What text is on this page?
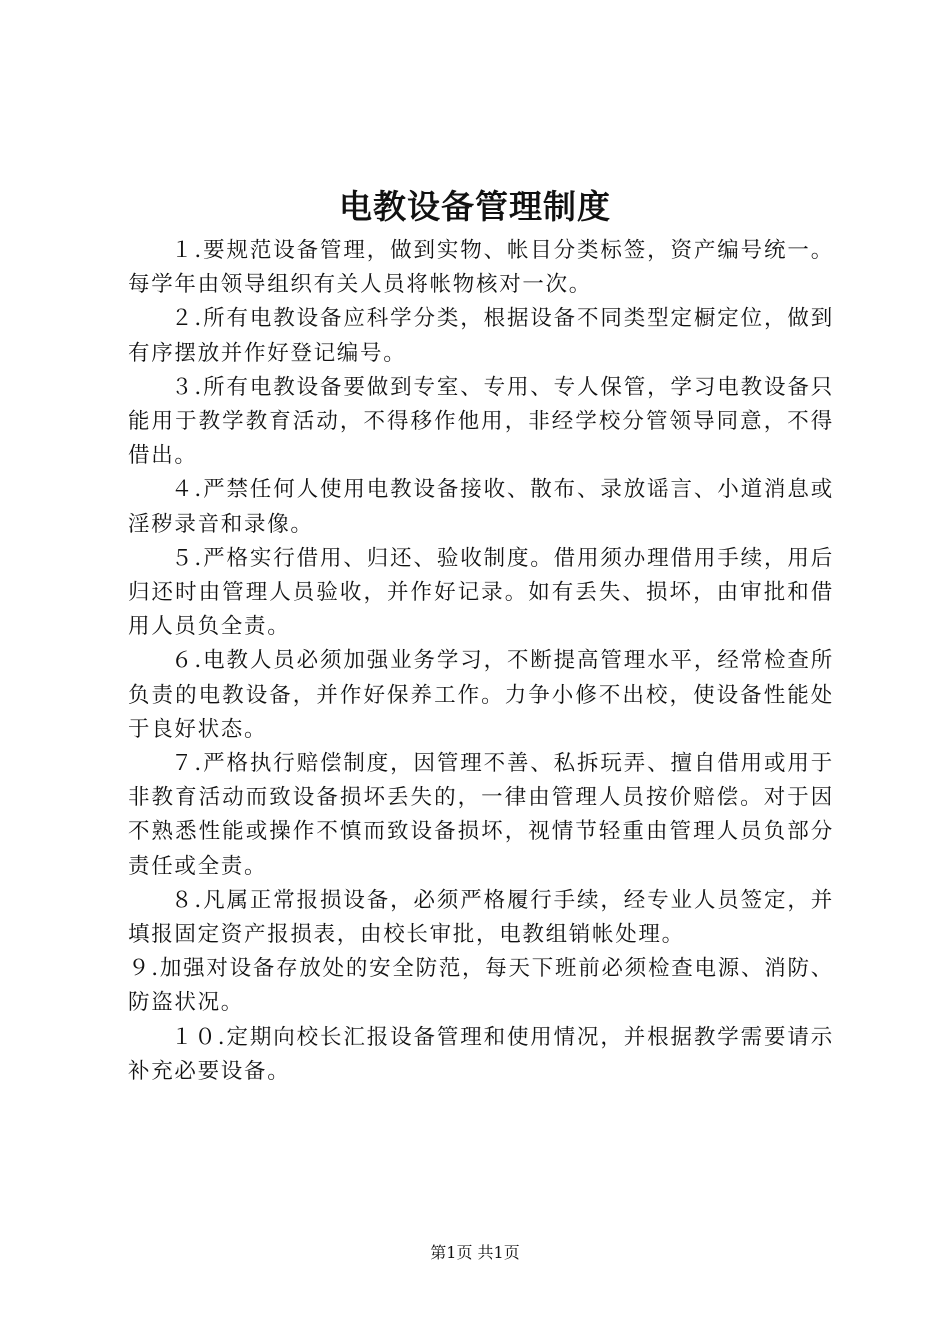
电教设备管理制度

１.要规范设备管理，做到实物、帐目分类标签，资产编号统一。每学年由领导组织有关人员将帐物核对一次。

２.所有电教设备应科学分类，根据设备不同类型定橱定位，做到有序摆放并作好登记编号。

３.所有电教设备要做到专室、专用、专人保管，学习电教设备只能用于教学教育活动，不得移作他用，非经学校分管领导同意，不得借出。

４.严禁任何人使用电教设备接收、散布、录放谣言、小道消息或淫秽录音和录像。

５.严格实行借用、归还、验收制度。借用须办理借用手续，用后归还时由管理人员验收，并作好记录。如有丢失、损坏，由审批和借用人员负全责。

６.电教人员必须加强业务学习，不断提高管理水平，经常检查所负责的电教设备，并作好保养工作。力争小修不出校，使设备性能处于良好状态。

７.严格执行赔偿制度，因管理不善、私拆玩弄、擅自借用或用于非教育活动而致设备损坏丢失的，一律由管理人员按价赔偿。对于因不熟悉性能或操作不慎而致设备损坏，视情节轻重由管理人员负部分责任或全责。

８.凡属正常报损设备，必须严格履行手续，经专业人员签定，并填报固定资产报损表，由校长审批，电教组销帐处理。

９.加强对设备存放处的安全防范，每天下班前必须检查电源、消防、防盗状况。

１０.定期向校长汇报设备管理和使用情况，并根据教学需要请示补充必要设备。

第1页 共1页
